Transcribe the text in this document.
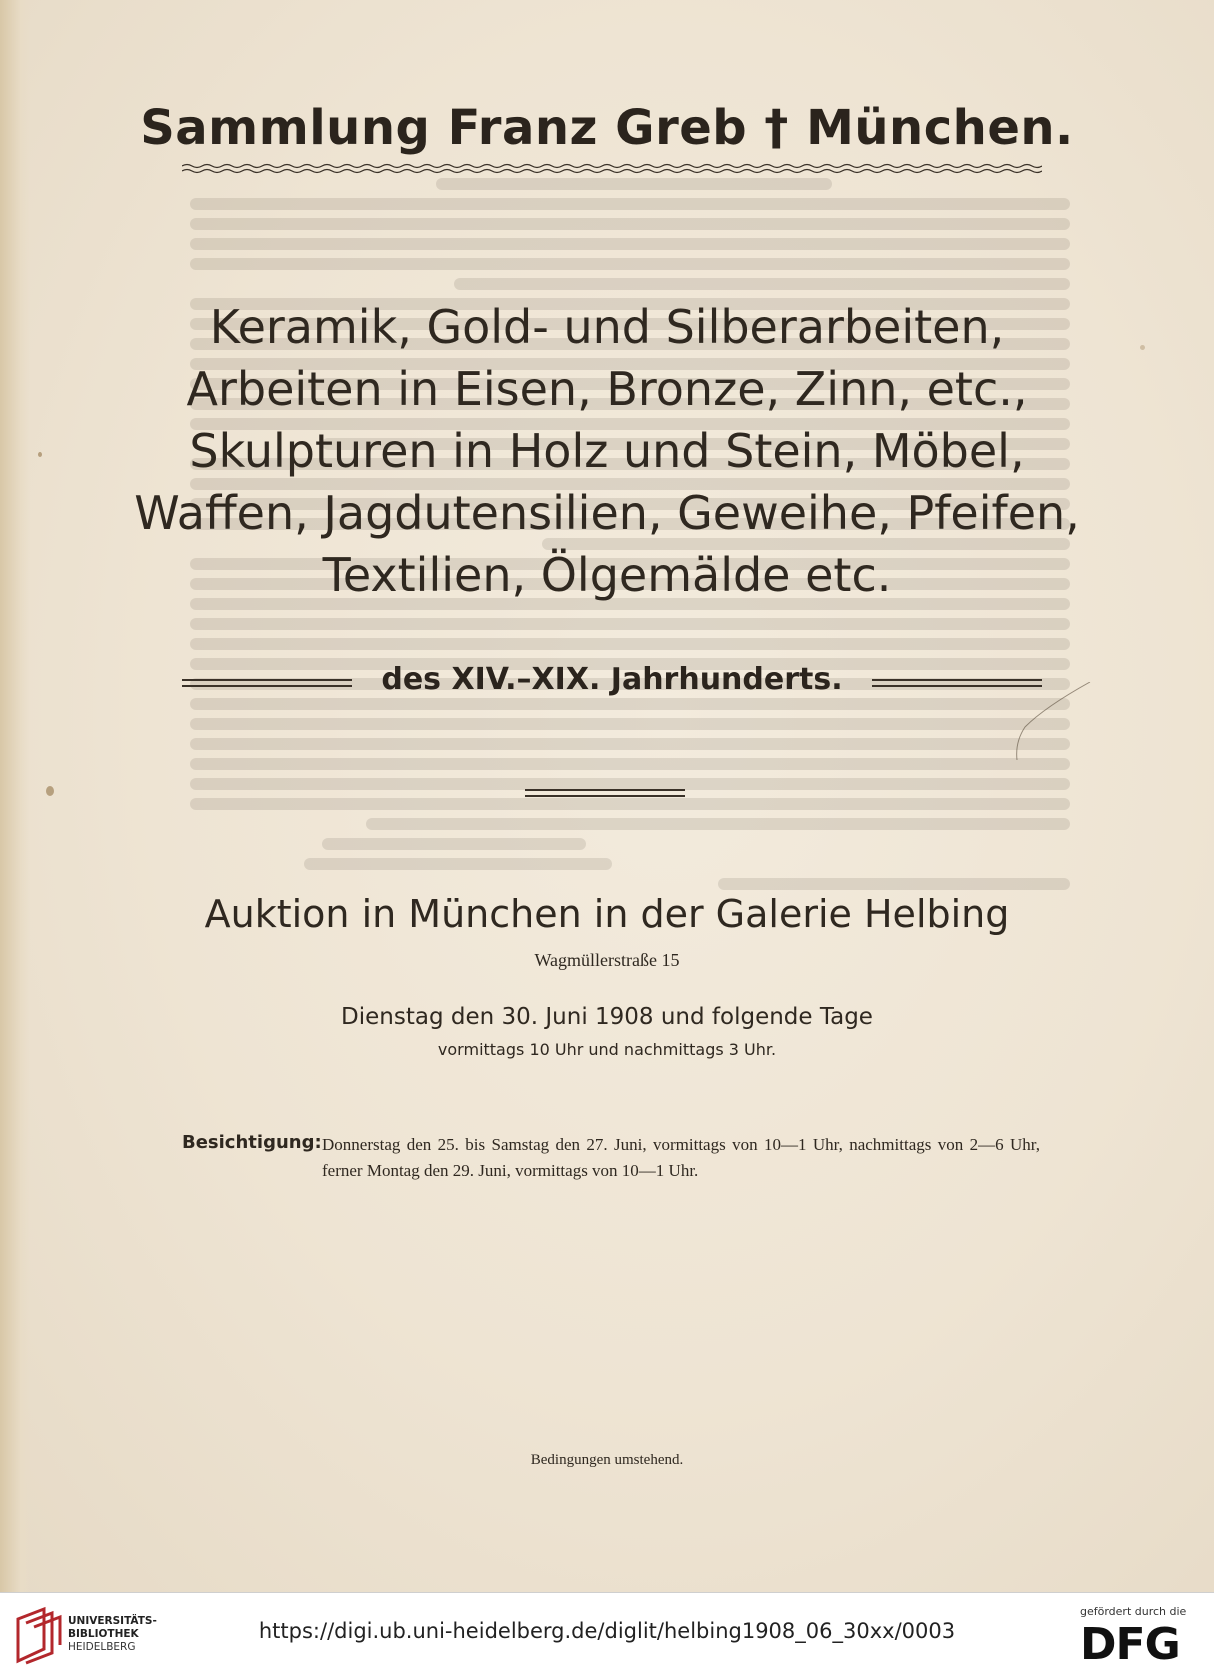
Sammlung Franz Greb † München.
Keramik, Gold- und Silberarbeiten,
Arbeiten in Eisen, Bronze, Zinn, etc.,
Skulpturen in Holz und Stein, Möbel,
Waffen, Jagdutensilien, Geweihe, Pfeifen,
Textilien, Ölgemälde etc.
des XIV.–XIX. Jahrhunderts.
Auktion in München in der Galerie Helbing
Wagmüllerstraße 15
Dienstag den 30. Juni 1908 und folgende Tage
vormittags 10 Uhr und nachmittags 3 Uhr.
Besichtigung: Donnerstag den 25. bis Samstag den 27. Juni, vormittags von 10—1 Uhr, nachmittags von 2—6 Uhr, ferner Montag den 29. Juni, vormittags von 10—1 Uhr.
Bedingungen umstehend.
UNIVERSITÄTS-
BIBLIOTHEK
HEIDELBERG
https://digi.ub.uni-heidelberg.de/diglit/helbing1908_06_30xx/0003
gefördert durch die
DFG
